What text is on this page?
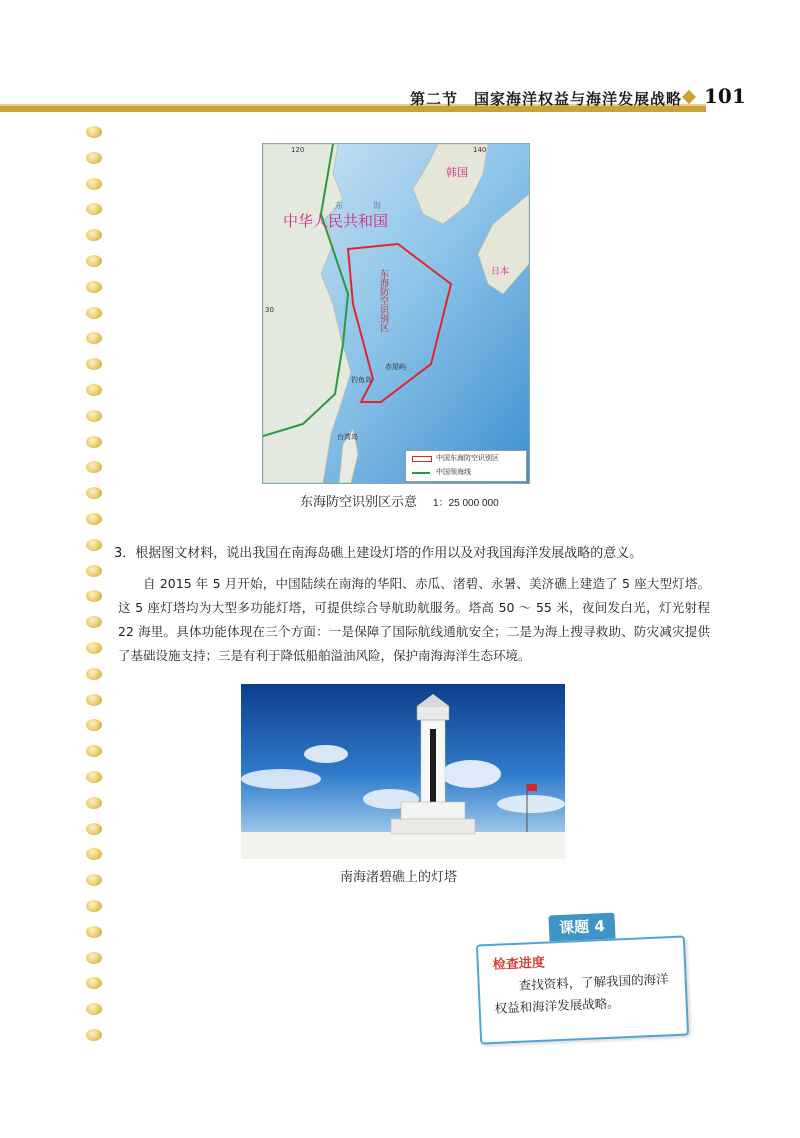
第二节　国家海洋权益与海洋发展战略 101
中华人民共和国
韩国
日本
东海防空识别区
钓鱼岛
赤尾屿
台湾岛
东	海
120
30
140
中国东海防空识别区
中国领海线
东海防空识别区示意 1：25 000 000
3．根据图文材料，说出我国在南海岛礁上建设灯塔的作用以及对我国海洋发展战略的意义。
自 2015 年 5 月开始，中国陆续在南海的华阳、赤瓜、渚碧、永暑、美济礁上建造了 5 座大型灯塔。这 5 座灯塔均为大型多功能灯塔，可提供综合导航助航服务。塔高 50 ～ 55 米，夜间发白光，灯光射程 22 海里。具体功能体现在三个方面：一是保障了国际航线通航安全；二是为海上搜寻救助、防灾减灾提供了基础设施支持；三是有利于降低船舶溢油风险，保护南海海洋生态环境。
南海渚碧礁上的灯塔
课题 4
检查进度
查找资料，了解我国的海洋权益和海洋发展战略。
